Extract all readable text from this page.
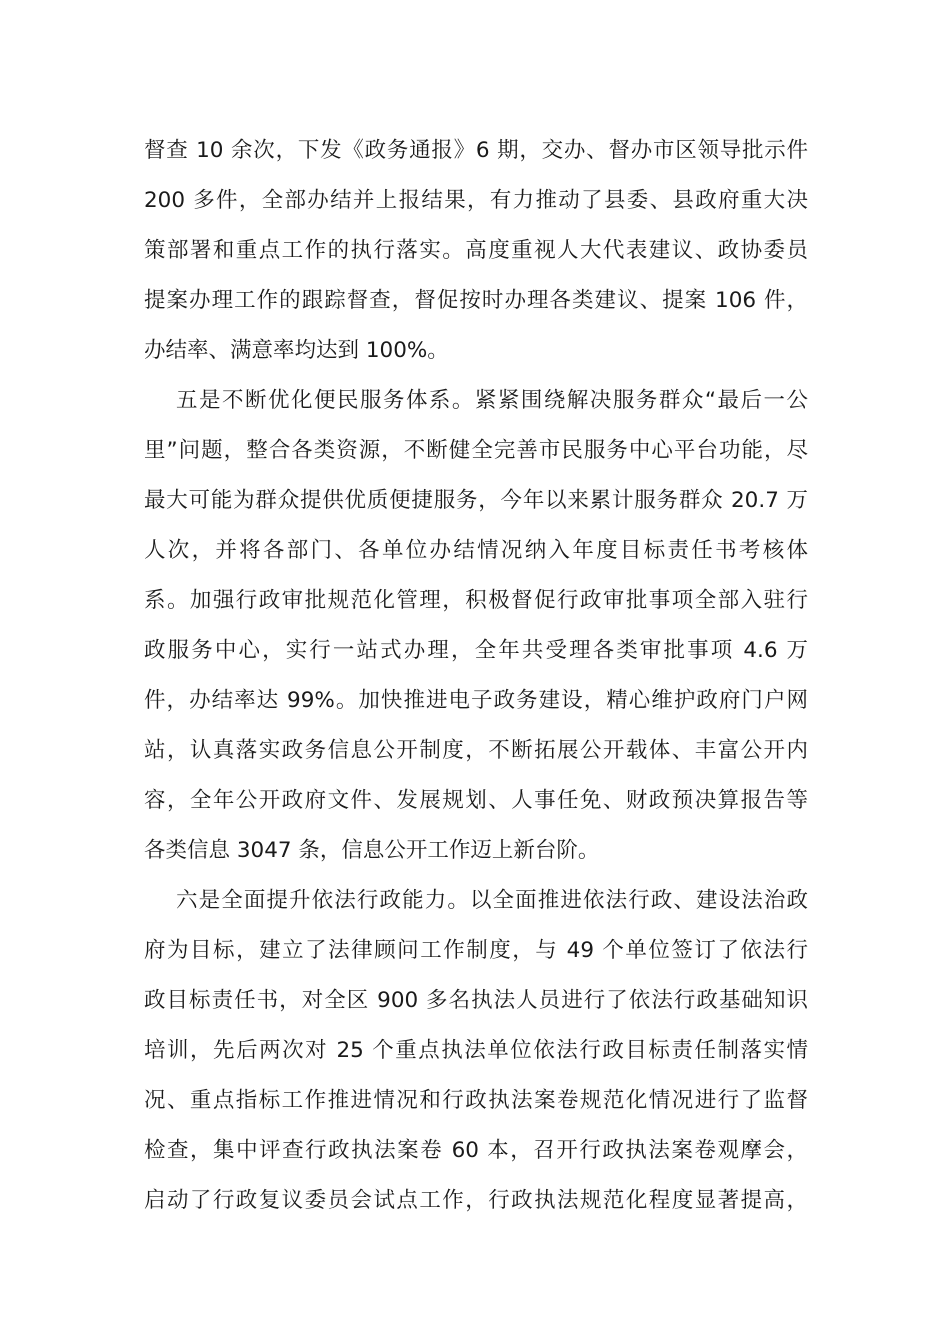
督查 10 余次，下发《政务通报》6 期，交办、督办市区领导批示件
200 多件，全部办结并上报结果，有力推动了县委、县政府重大决
策部署和重点工作的执行落实。高度重视人大代表建议、政协委员
提案办理工作的跟踪督查，督促按时办理各类建议、提案 106 件，
办结率、满意率均达到 100%。
五是不断优化便民服务体系。紧紧围绕解决服务群众“最后一公
里”问题，整合各类资源，不断健全完善市民服务中心平台功能，尽
最大可能为群众提供优质便捷服务，今年以来累计服务群众 20.7 万
人次，并将各部门、各单位办结情况纳入年度目标责任书考核体
系。加强行政审批规范化管理，积极督促行政审批事项全部入驻行
政服务中心，实行一站式办理，全年共受理各类审批事项 4.6 万
件，办结率达 99%。加快推进电子政务建设，精心维护政府门户网
站，认真落实政务信息公开制度，不断拓展公开载体、丰富公开内
容，全年公开政府文件、发展规划、人事任免、财政预决算报告等
各类信息 3047 条，信息公开工作迈上新台阶。
六是全面提升依法行政能力。以全面推进依法行政、建设法治政
府为目标，建立了法律顾问工作制度，与 49 个单位签订了依法行
政目标责任书，对全区 900 多名执法人员进行了依法行政基础知识
培训，先后两次对 25 个重点执法单位依法行政目标责任制落实情
况、重点指标工作推进情况和行政执法案卷规范化情况进行了监督
检查，集中评查行政执法案卷 60 本，召开行政执法案卷观摩会，
启动了行政复议委员会试点工作，行政执法规范化程度显著提高，
